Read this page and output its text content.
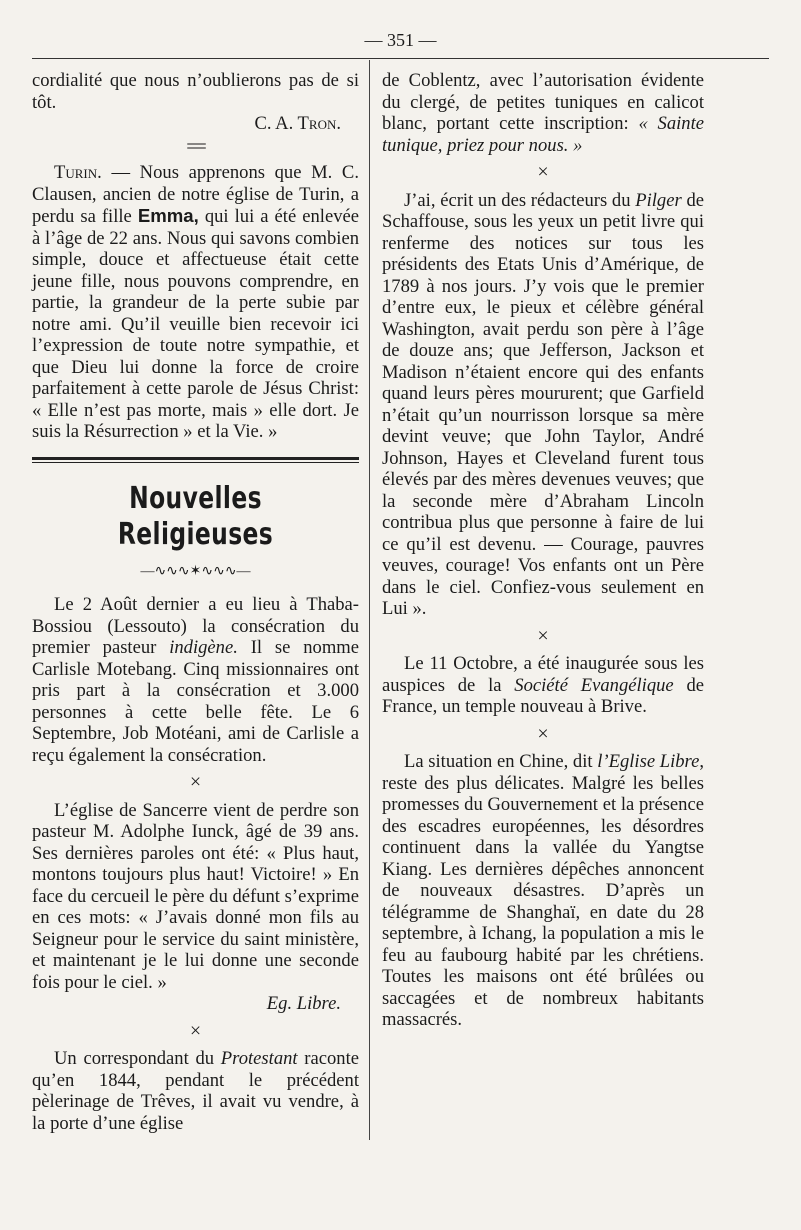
— 351 —

cordialité que nous n’oublierons pas de si tôt.

C. A. Tron.
==

Turin. — Nous apprenons que M. C. Clausen, ancien de notre église de Turin, a perdu sa fille Emma, qui lui a été enlevée à l’âge de 22 ans. Nous qui savons combien simple, douce et affectueuse était cette jeune fille, nous pouvons comprendre, en partie, la grandeur de la perte subie par notre ami. Qu’il veuille bien recevoir ici l’expression de toute notre sympathie, et que Dieu lui donne la force de croire parfaitement à cette parole de Jésus Christ: « Elle n’est pas morte, mais » elle dort. Je suis la Résurrection » et la Vie. »

Nouvelles Religieuses
—∿∿∿✶∿∿∿—

Le 2 Août dernier a eu lieu à Thaba-Bossiou (Lessouto) la consécration du premier pasteur indigène. Il se nomme Carlisle Motebang. Cinq missionnaires ont pris part à la consécration et 3.000 personnes à cette belle fête. Le 6 Septembre, Job Motéani, ami de Carlisle a reçu également la consécration.

×

L’église de Sancerre vient de perdre son pasteur M. Adolphe Iunck, âgé de 39 ans. Ses dernières paroles ont été: « Plus haut, montons toujours plus haut! Victoire! » En face du cercueil le père du défunt s’exprime en ces mots: « J’avais donné mon fils au Seigneur pour le service du saint ministère, et maintenant je le lui donne une seconde fois pour le ciel. »

Eg. Libre.
×

Un correspondant du Protestant raconte qu’en 1844, pendant le précédent pèlerinage de Trêves, il avait vu vendre, à la porte d’une église

de Coblentz, avec l’autorisation évidente du clergé, de petites tuniques en calicot blanc, portant cette inscription: « Sainte tunique, priez pour nous. »

×

J’ai, écrit un des rédacteurs du Pilger de Schaffouse, sous les yeux un petit livre qui renferme des notices sur tous les présidents des Etats Unis d’Amérique, de 1789 à nos jours. J’y vois que le premier d’entre eux, le pieux et célèbre général Washington, avait perdu son père à l’âge de douze ans; que Jefferson, Jackson et Madison n’étaient encore qui des enfants quand leurs pères moururent; que Garfield n’était qu’un nourrisson lorsque sa mère devint veuve; que John Taylor, André Johnson, Hayes et Cleveland furent tous élevés par des mères devenues veuves; que la seconde mère d’Abraham Lincoln contribua plus que personne à faire de lui ce qu’il est devenu. — Courage, pauvres veuves, courage! Vos enfants ont un Père dans le ciel. Confiez-vous seulement en Lui ».

×

Le 11 Octobre, a été inaugurée sous les auspices de la Société Evangélique de France, un temple nouveau à Brive.

×

La situation en Chine, dit l’Eglise Libre, reste des plus délicates. Malgré les belles promesses du Gouvernement et la présence des escadres européennes, les désordres continuent dans la vallée du Yangtse Kiang. Les dernières dépêches annoncent de nouveaux désastres. D’après un télégramme de Shanghaï, en date du 28 septembre, à Ichang, la population a mis le feu au faubourg habité par les chrétiens. Toutes les maisons ont été brûlées ou saccagées et de nombreux habitants massacrés.
